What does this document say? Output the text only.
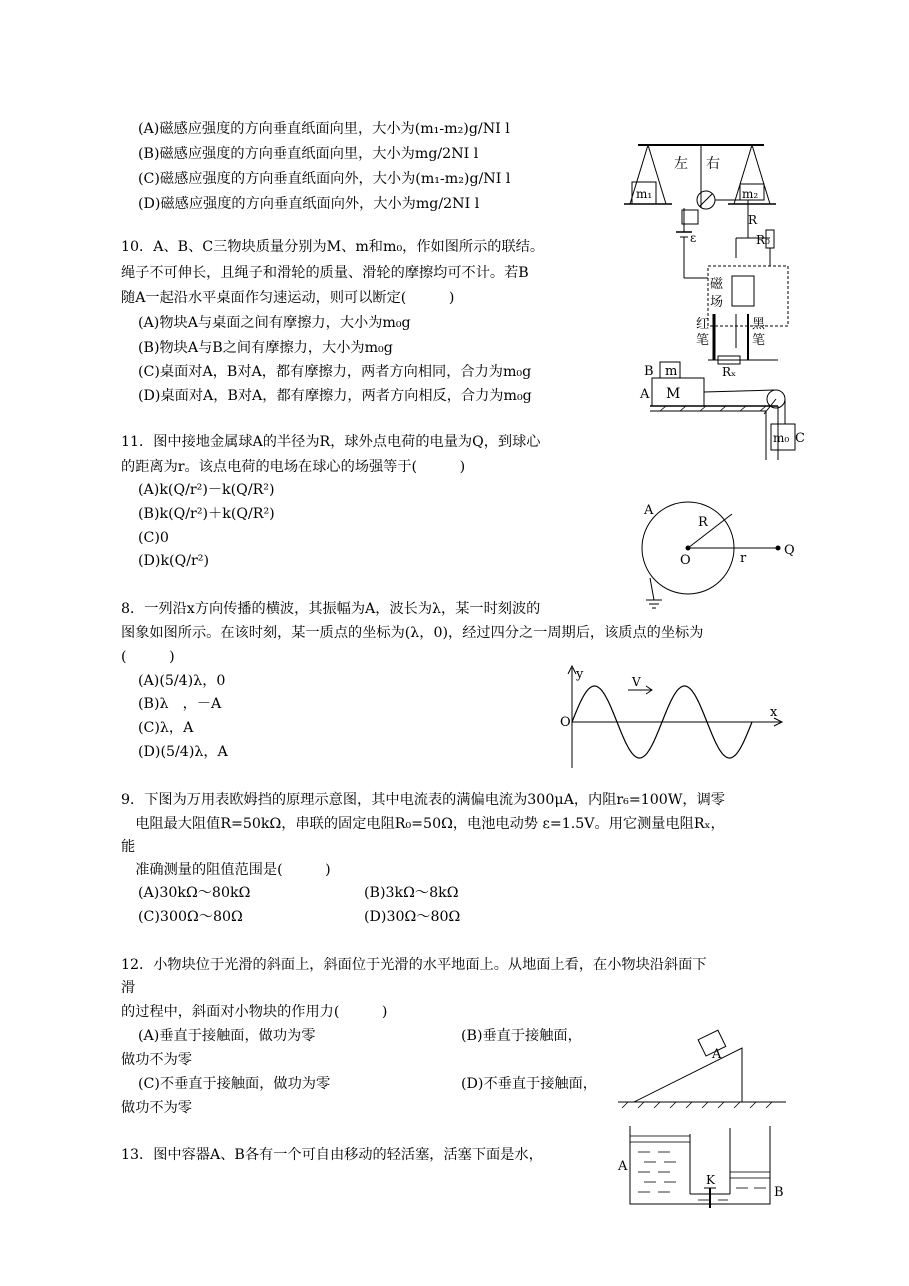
(A)磁感应强度的方向垂直纸面向里，大小为(m₁-m₂)g/NI l
(B)磁感应强度的方向垂直纸面向里，大小为mg/2NI l
(C)磁感应强度的方向垂直纸面向外，大小为(m₁-m₂)g/NI l
(D)磁感应强度的方向垂直纸面向外，大小为mg/2NI l
10．A、B、C三物块质量分别为M、m和m₀，作如图所示的联结。
绳子不可伸长，且绳子和滑轮的质量、滑轮的摩擦均可不计。若B
随A一起沿水平桌面作匀速运动，则可以断定(　　　)
(A)物块A与桌面之间有摩擦力，大小为m₀g
(B)物块A与B之间有摩擦力，大小为m₀g
(C)桌面对A，B对A，都有摩擦力，两者方向相同，合力为m₀g
(D)桌面对A，B对A，都有摩擦力，两者方向相反，合力为m₀g
11．图中接地金属球A的半径为R，球外点电荷的电量为Q，到球心
的距离为r。该点电荷的电场在球心的场强等于(　　　)
(A)k(Q/r²)－k(Q/R²)
(B)k(Q/r²)＋k(Q/R²)
(C)0
(D)k(Q/r²)
8．一列沿x方向传播的横波，其振幅为A，波长为λ，某一时刻波的
图象如图所示。在该时刻，某一质点的坐标为(λ，0)，经过四分之一周期后，该质点的坐标为
(　　　)
(A)(5/4)λ，0
(B)λ　，－A
(C)λ，A
(D)(5/4)λ，A
9．下图为万用表欧姆挡的原理示意图，其中电流表的满偏电流为300μA，内阻r₆=100W，调零
　电阻最大阻值R=50kΩ，串联的固定电阻R₀=50Ω，电池电动势 ε=1.5V。用它测量电阻Rₓ，
能
　准确测量的阻值范围是(　　　)
(A)30kΩ～80kΩ	(B)3kΩ～8kΩ
(C)300Ω～80Ω	(D)30Ω～80Ω
12．小物块位于光滑的斜面上，斜面位于光滑的水平地面上。从地面上看，在小物块沿斜面下
滑
的过程中，斜面对小物块的作用力(　　　)
(A)垂直于接触面，做功为零	(B)垂直于接触面，
做功不为零
(C)不垂直于接触面，做功为零	(D)不垂直于接触面，
做功不为零
13．图中容器A、B各有一个可自由移动的轻活塞，活塞下面是水，
左 右
m₁	m₂
ε
R
R₀
磁
场
红
笔
黑
笔
Rₓ
B m
A M
m₀ C
A
R
O	r
Q
y	V
O
x
A
A
K
B
